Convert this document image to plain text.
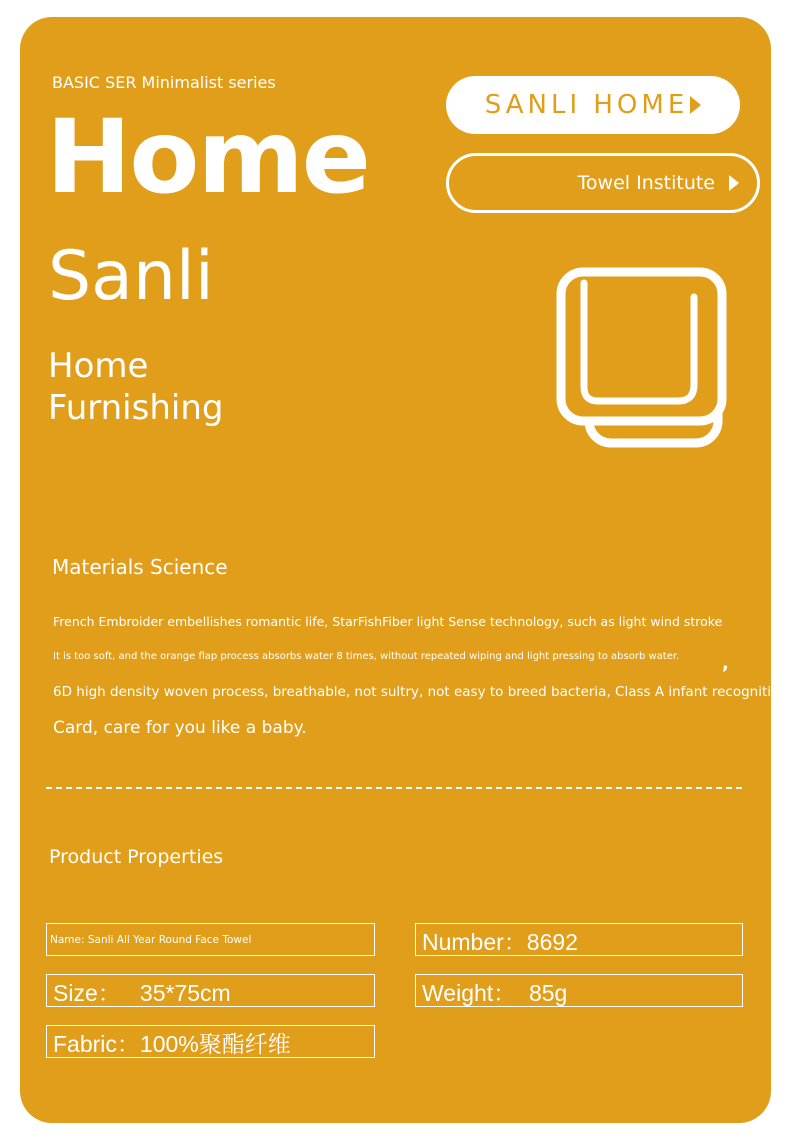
BASIC SER Minimalist series
Home
Sanli
Home
Furnishing
SANLI HOME
Towel Institute
Materials Science
French Embroider embellishes romantic life, StarFishFiber light Sense technology, such as light wind stroke
It is too soft, and the orange flap process absorbs water 8 times, without repeated wiping and light pressing to absorb water. ,
6D high density woven process, breathable, not sultry, not easy to breed bacteria, Class A infant recognition
Card, care for you like a baby.
Product Properties
Name: Sanli All Year Round Face Towel	Number：8692
Size：   35*75cm	Weight：  85g
Fabric：100%聚酯纤维
